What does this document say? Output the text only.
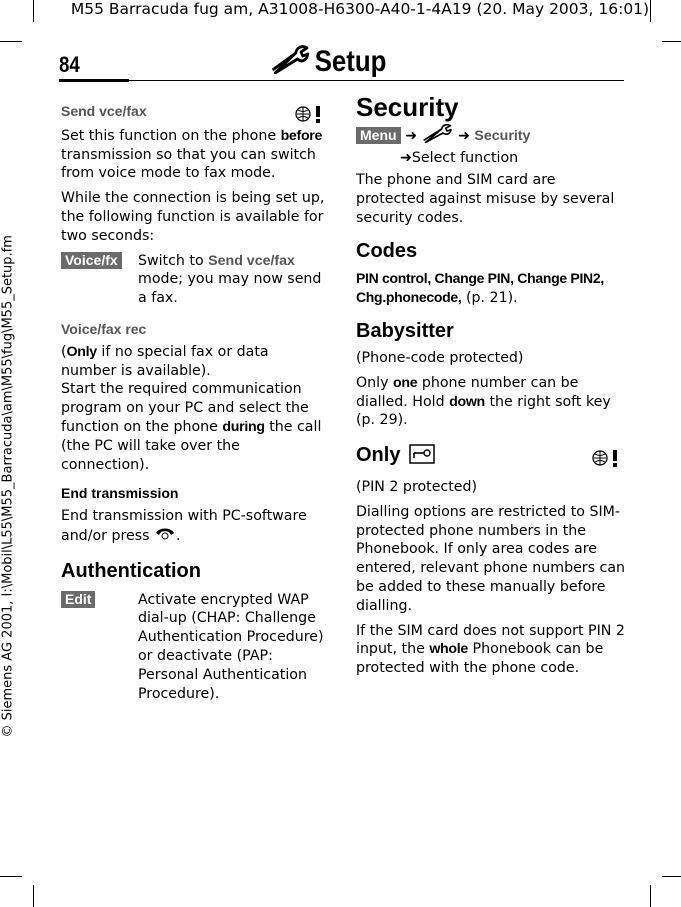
M55 Barracuda fug am, A31008-H6300-A40-1-4A19 (20. May 2003, 16:01)
© Siemens AG 2001, I:\Mobil\L55\M55_Barracuda\am\M55\fug\M55_Setup.fm
84	Setup
Send vce/fax

Set this function on the phone before transmission so that you can switch from voice mode to fax mode.

While the connection is being set up, the following function is available for two seconds:

Voice/fx	Switch to Send vce/fax mode; you may now send a fax.
Voice/fax rec

(Only if no special fax or data number is available).

Start the required communication program on your PC and select the function on the phone during the call (the PC will take over the connection).

End transmission

End transmission with PC-software and/or press .

Authentication
Edit	Activate encrypted WAP dial-up (CHAP: Challenge Authentication Procedure) or deactivate (PAP: Personal Authentication Procedure).
Security
Menu ➜	➜ Security
➜Select function

The phone and SIM card are protected against misuse by several security codes.

Codes

PIN control, Change PIN, Change PIN2, Chg.phonecode, (p. 21).

Babysitter

(Phone-code protected)

Only one phone number can be dialled. Hold down the right soft key (p. 29).

Only

(PIN 2 protected)

Dialling options are restricted to SIM-protected phone numbers in the Phonebook. If only area codes are entered, relevant phone numbers can be added to these manually before dialling.

If the SIM card does not support PIN 2 input, the whole Phonebook can be protected with the phone code.
